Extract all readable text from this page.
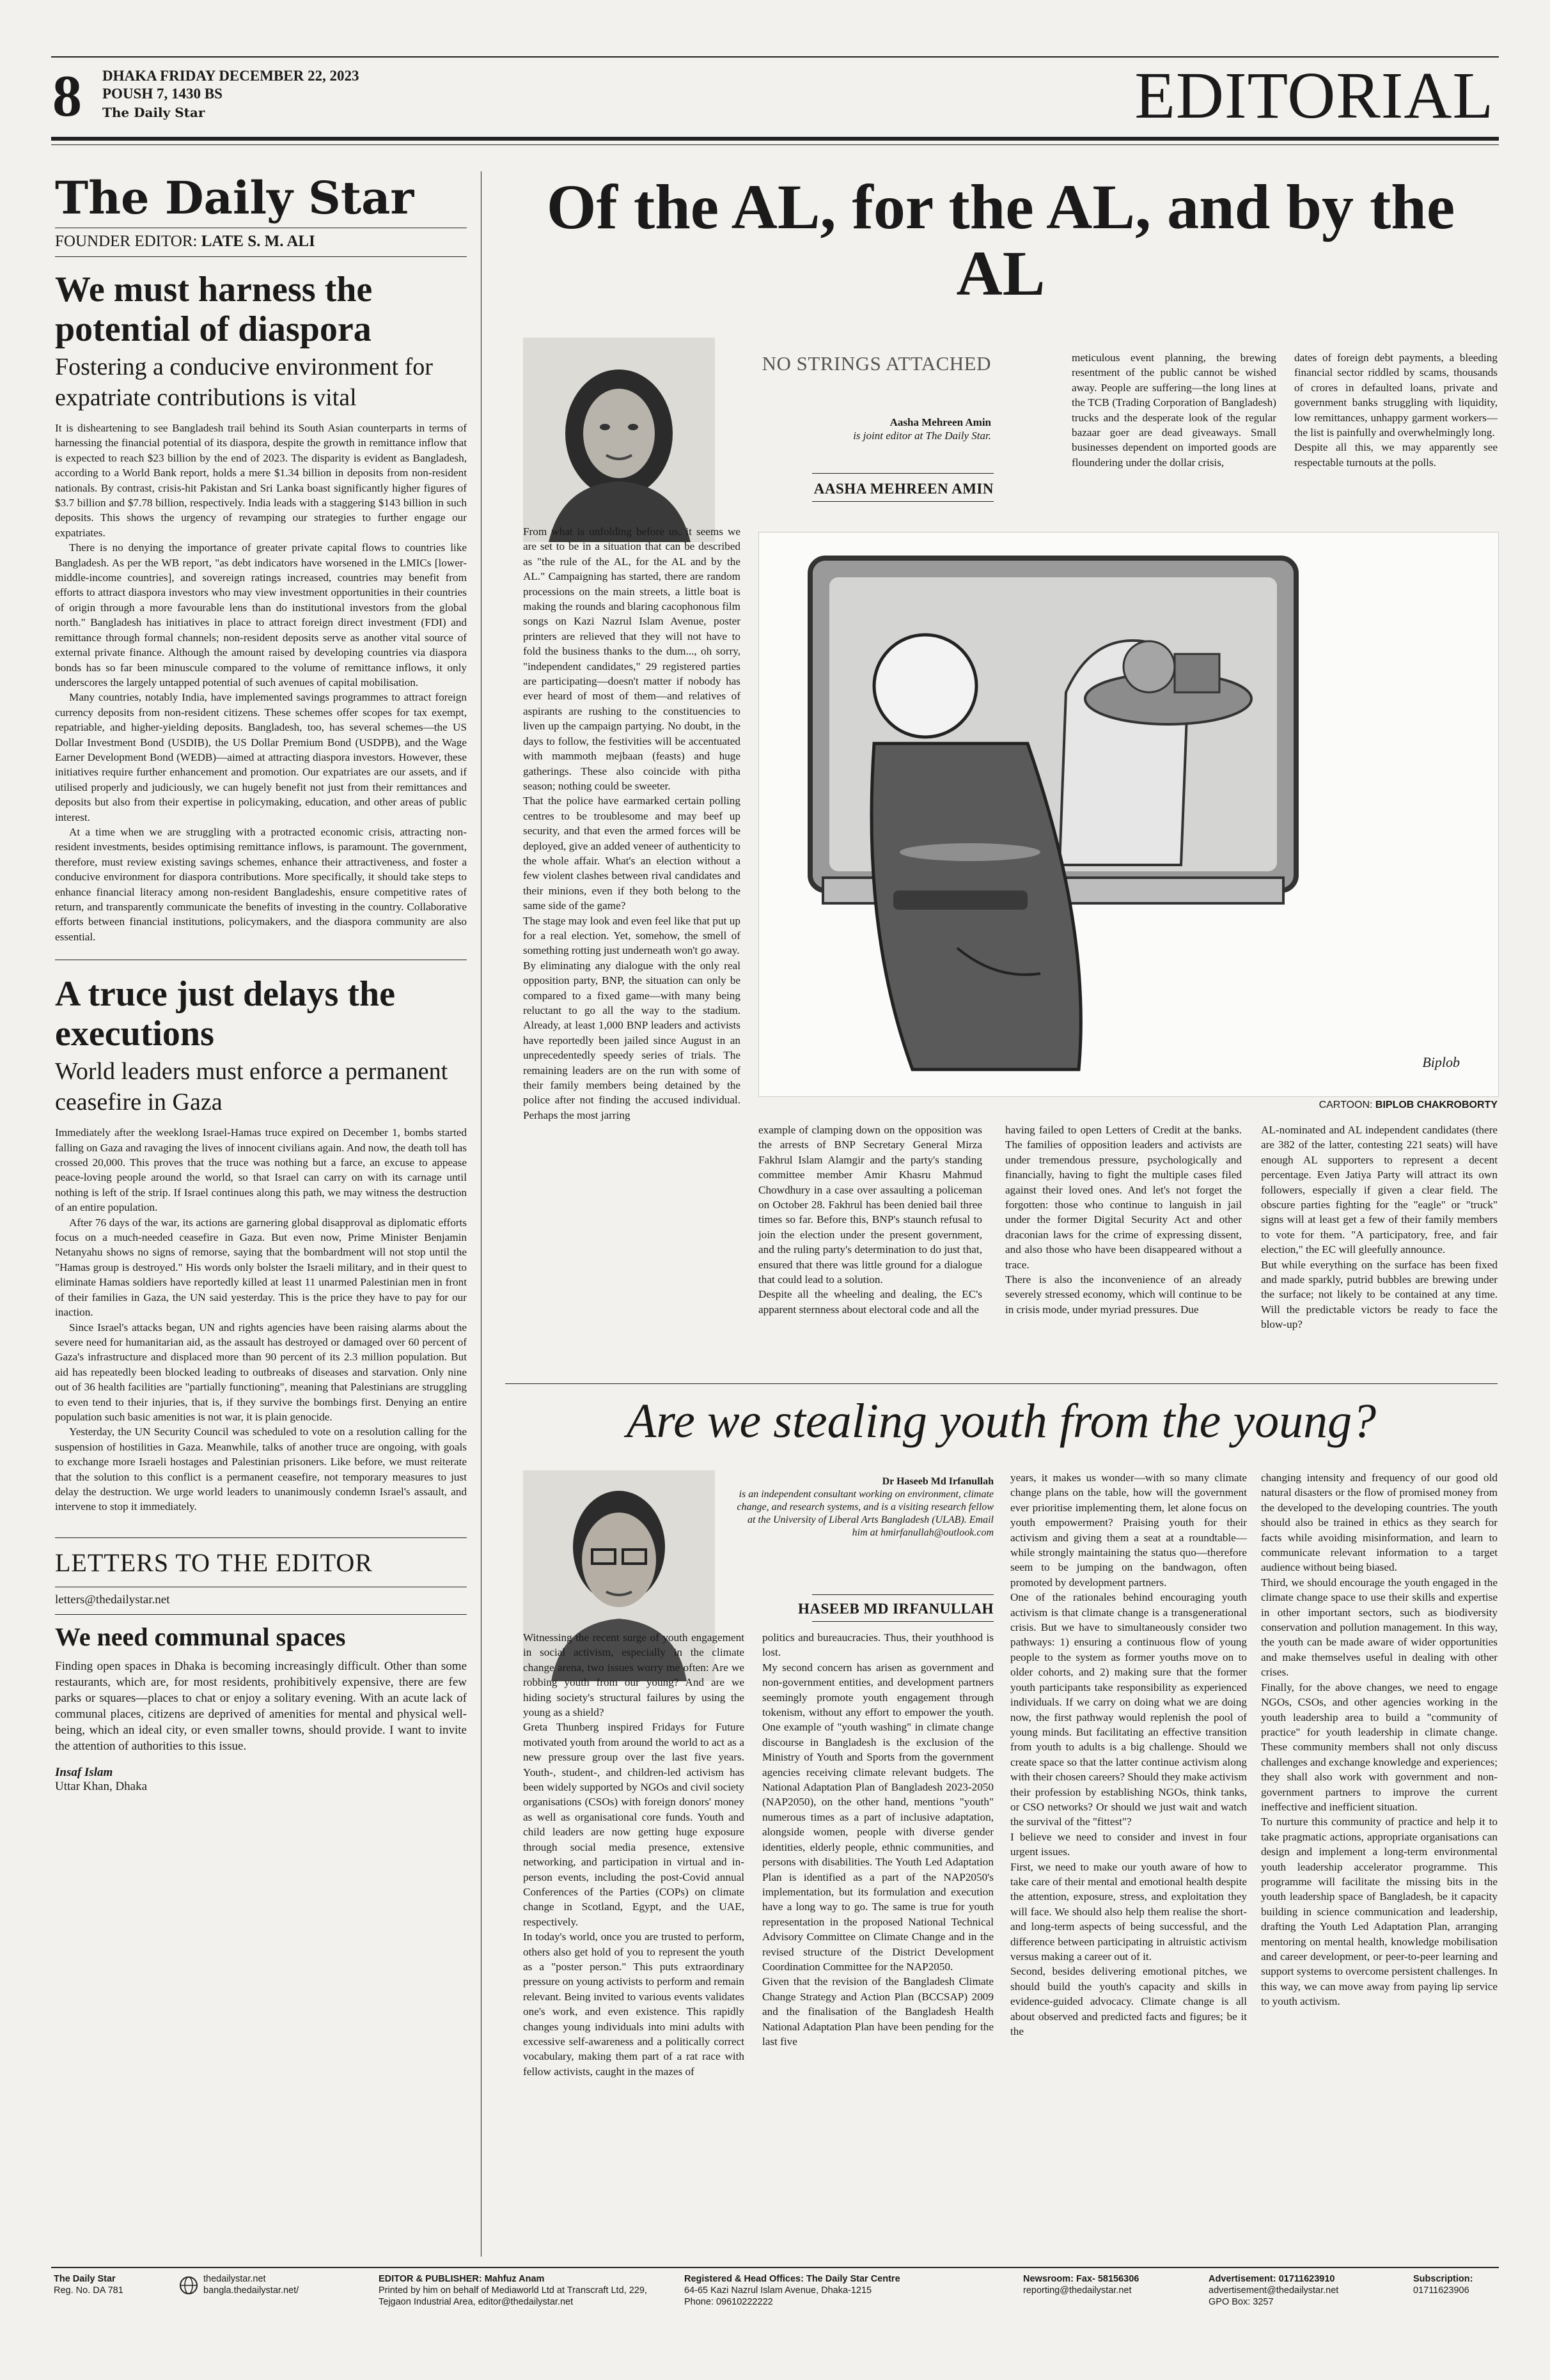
8 DHAKA FRIDAY DECEMBER 22, 2023
POUSH 7, 1430 BS
The Daily Star	EDITORIAL
The Daily Star
FOUNDER EDITOR: LATE S. M. ALI
We must harness the potential of diaspora

Fostering a conducive environment for expatriate contributions is vital

It is disheartening to see Bangladesh trail behind its South Asian counterparts in terms of harnessing the financial potential of its diaspora, despite the growth in remittance inflow that is expected to reach $23 billion by the end of 2023. The disparity is evident as Bangladesh, according to a World Bank report, holds a mere $1.34 billion in deposits from non-resident nationals. By contrast, crisis-hit Pakistan and Sri Lanka boast significantly higher figures of $3.7 billion and $7.78 billion, respectively. India leads with a staggering $143 billion in such deposits. This shows the urgency of revamping our strategies to further engage our expatriates.

There is no denying the importance of greater private capital flows to countries like Bangladesh. As per the WB report, "as debt indicators have worsened in the LMICs [lower-middle-income countries], and sovereign ratings increased, countries may benefit from efforts to attract diaspora investors who may view investment opportunities in their countries of origin through a more favourable lens than do institutional investors from the global north." Bangladesh has initiatives in place to attract foreign direct investment (FDI) and remittance through formal channels; non-resident deposits serve as another vital source of external private finance. Although the amount raised by developing countries via diaspora bonds has so far been minuscule compared to the volume of remittance inflows, it only underscores the largely untapped potential of such avenues of capital mobilisation.

Many countries, notably India, have implemented savings programmes to attract foreign currency deposits from non-resident citizens. These schemes offer scopes for tax exempt, repatriable, and higher-yielding deposits. Bangladesh, too, has several schemes—the US Dollar Investment Bond (USDIB), the US Dollar Premium Bond (USDPB), and the Wage Earner Development Bond (WEDB)—aimed at attracting diaspora investors. However, these initiatives require further enhancement and promotion. Our expatriates are our assets, and if utilised properly and judiciously, we can hugely benefit not just from their remittances and deposits but also from their expertise in policymaking, education, and other areas of public interest.

At a time when we are struggling with a protracted economic crisis, attracting non-resident investments, besides optimising remittance inflows, is paramount. The government, therefore, must review existing savings schemes, enhance their attractiveness, and foster a conducive environment for diaspora contributions. More specifically, it should take steps to enhance financial literacy among non-resident Bangladeshis, ensure competitive rates of return, and transparently communicate the benefits of investing in the country. Collaborative efforts between financial institutions, policymakers, and the diaspora community are also essential.

A truce just delays the executions

World leaders must enforce a permanent ceasefire in Gaza

Immediately after the weeklong Israel-Hamas truce expired on December 1, bombs started falling on Gaza and ravaging the lives of innocent civilians again. And now, the death toll has crossed 20,000. This proves that the truce was nothing but a farce, an excuse to appease peace-loving people around the world, so that Israel can carry on with its carnage until nothing is left of the strip. If Israel continues along this path, we may witness the destruction of an entire population.

After 76 days of the war, its actions are garnering global disapproval as diplomatic efforts focus on a much-needed ceasefire in Gaza. But even now, Prime Minister Benjamin Netanyahu shows no signs of remorse, saying that the bombardment will not stop until the "Hamas group is destroyed." His words only bolster the Israeli military, and in their quest to eliminate Hamas soldiers have reportedly killed at least 11 unarmed Palestinian men in front of their families in Gaza, the UN said yesterday. This is the price they have to pay for our inaction.

Since Israel's attacks began, UN and rights agencies have been raising alarms about the severe need for humanitarian aid, as the assault has destroyed or damaged over 60 percent of Gaza's infrastructure and displaced more than 90 percent of its 2.3 million population. But aid has repeatedly been blocked leading to outbreaks of diseases and starvation. Only nine out of 36 health facilities are "partially functioning", meaning that Palestinians are struggling to even tend to their injuries, that is, if they survive the bombings first. Denying an entire population such basic amenities is not war, it is plain genocide.

Yesterday, the UN Security Council was scheduled to vote on a resolution calling for the suspension of hostilities in Gaza. Meanwhile, talks of another truce are ongoing, with goals to exchange more Israeli hostages and Palestinian prisoners. Like before, we must reiterate that the solution to this conflict is a permanent ceasefire, not temporary measures to just delay the destruction. We urge world leaders to unanimously condemn Israel's assault, and intervene to stop it immediately.

LETTERS TO THE EDITOR
letters@thedailystar.net
We need communal spaces

Finding open spaces in Dhaka is becoming increasingly difficult. Other than some restaurants, which are, for most residents, prohibitively expensive, there are few parks or squares—places to chat or enjoy a solitary evening. With an acute lack of communal places, citizens are deprived of amenities for mental and physical well-being, which an ideal city, or even smaller towns, should provide. I want to invite the attention of authorities to this issue.

Insaf Islam
Uttar Khan, Dhaka
Of the AL, for the AL, and by the AL
NO STRINGS ATTACHED
Aasha Mehreen Amin
is joint editor at The Daily Star.
AASHA MEHREEN AMIN

meticulous event planning, the brewing resentment of the public cannot be wished away. People are suffering—the long lines at the TCB (Trading Corporation of Bangladesh) trucks and the desperate look of the regular bazaar goer are dead giveaways. Small businesses dependent on imported goods are floundering under the dollar crisis,

dates of foreign debt payments, a bleeding financial sector riddled by scams, thousands of crores in defaulted loans, private and government banks struggling with liquidity, low remittances, unhappy garment workers—the list is painfully and overwhelmingly long.
Despite all this, we may apparently see respectable turnouts at the polls.

From what is unfolding before us, it seems we are set to be in a situation that can be described as "the rule of the AL, for the AL and by the AL." Campaigning has started, there are random processions on the main streets, a little boat is making the rounds and blaring cacophonous film songs on Kazi Nazrul Islam Avenue, poster printers are relieved that they will not have to fold the business thanks to the dum..., oh sorry, "independent candidates," 29 registered parties are participating—doesn't matter if nobody has ever heard of most of them—and relatives of aspirants are rushing to the constituencies to liven up the campaign partying. No doubt, in the days to follow, the festivities will be accentuated with mammoth mejbaan (feasts) and huge gatherings. These also coincide with pitha season; nothing could be sweeter.
That the police have earmarked certain polling centres to be troublesome and may beef up security, and that even the armed forces will be deployed, give an added veneer of authenticity to the whole affair. What's an election without a few violent clashes between rival candidates and their minions, even if they both belong to the same side of the game?
The stage may look and even feel like that put up for a real election. Yet, somehow, the smell of something rotting just underneath won't go away.
By eliminating any dialogue with the only real opposition party, BNP, the situation can only be compared to a fixed game—with many being reluctant to go all the way to the stadium. Already, at least 1,000 BNP leaders and activists have reportedly been jailed since August in an unprecedentedly speedy series of trials. The remaining leaders are on the run with some of their family members being detained by the police after not finding the accused individual. Perhaps the most jarring

Biplob
CARTOON: BIPLOB CHAKROBORTY

example of clamping down on the opposition was the arrests of BNP Secretary General Mirza Fakhrul Islam Alamgir and the party's standing committee member Amir Khasru Mahmud Chowdhury in a case over assaulting a policeman on October 28. Fakhrul has been denied bail three times so far. Before this, BNP's staunch refusal to join the election under the present government, and the ruling party's determination to do just that, ensured that there was little ground for a dialogue that could lead to a solution.
Despite all the wheeling and dealing, the EC's apparent sternness about electoral code and all the

having failed to open Letters of Credit at the banks. The families of opposition leaders and activists are under tremendous pressure, psychologically and financially, having to fight the multiple cases filed against their loved ones. And let's not forget the forgotten: those who continue to languish in jail under the former Digital Security Act and other draconian laws for the crime of expressing dissent, and also those who have been disappeared without a trace.
There is also the inconvenience of an already severely stressed economy, which will continue to be in crisis mode, under myriad pressures. Due

AL-nominated and AL independent candidates (there are 382 of the latter, contesting 221 seats) will have enough AL supporters to represent a decent percentage. Even Jatiya Party will attract its own followers, especially if given a clear field. The obscure parties fighting for the "eagle" or "truck" signs will at least get a few of their family members to vote for them. "A participatory, free, and fair election," the EC will gleefully announce.
But while everything on the surface has been fixed and made sparkly, putrid bubbles are brewing under the surface; not likely to be contained at any time. Will the predictable victors be ready to face the blow-up?

Are we stealing youth from the young?
Dr Haseeb Md Irfanullah
is an independent consultant working on environment, climate change, and research systems, and is a visiting research fellow at the University of Liberal Arts Bangladesh (ULAB). Email him at hmirfanullah@outlook.com
HASEEB MD IRFANULLAH

Witnessing the recent surge of youth engagement in social activism, especially in the climate change arena, two issues worry me often: Are we robbing youth from our young? And are we hiding society's structural failures by using the young as a shield?
Greta Thunberg inspired Fridays for Future motivated youth from around the world to act as a new pressure group over the last five years. Youth-, student-, and children-led activism has been widely supported by NGOs and civil society organisations (CSOs) with foreign donors' money as well as organisational core funds. Youth and child leaders are now getting huge exposure through social media presence, extensive networking, and participation in virtual and in-person events, including the post-Covid annual Conferences of the Parties (COPs) on climate change in Scotland, Egypt, and the UAE, respectively.
In today's world, once you are trusted to perform, others also get hold of you to represent the youth as a "poster person." This puts extraordinary pressure on young activists to perform and remain relevant. Being invited to various events validates one's work, and even existence. This rapidly changes young individuals into mini adults with excessive self-awareness and a politically correct vocabulary, making them part of a rat race with fellow activists, caught in the mazes of

politics and bureaucracies. Thus, their youthhood is lost.
My second concern has arisen as government and non-government entities, and development partners seemingly promote youth engagement through tokenism, without any effort to empower the youth. One example of "youth washing" in climate change discourse in Bangladesh is the exclusion of the Ministry of Youth and Sports from the government agencies receiving climate relevant budgets. The National Adaptation Plan of Bangladesh 2023-2050 (NAP2050), on the other hand, mentions "youth" numerous times as a part of inclusive adaptation, alongside women, people with diverse gender identities, elderly people, ethnic communities, and persons with disabilities. The Youth Led Adaptation Plan is identified as a part of the NAP2050's implementation, but its formulation and execution have a long way to go. The same is true for youth representation in the proposed National Technical Advisory Committee on Climate Change and in the revised structure of the District Development Coordination Committee for the NAP2050.
Given that the revision of the Bangladesh Climate Change Strategy and Action Plan (BCCSAP) 2009 and the finalisation of the Bangladesh Health National Adaptation Plan have been pending for the last five

years, it makes us wonder—with so many climate change plans on the table, how will the government ever prioritise implementing them, let alone focus on youth empowerment? Praising youth for their activism and giving them a seat at a roundtable—while strongly maintaining the status quo—therefore seem to be jumping on the bandwagon, often promoted by development partners.
One of the rationales behind encouraging youth activism is that climate change is a transgenerational crisis. But we have to simultaneously consider two pathways: 1) ensuring a continuous flow of young people to the system as former youths move on to older cohorts, and 2) making sure that the former youth participants take responsibility as experienced individuals. If we carry on doing what we are doing now, the first pathway would replenish the pool of young minds. But facilitating an effective transition from youth to adults is a big challenge. Should we create space so that the latter continue activism along with their chosen careers? Should they make activism their profession by establishing NGOs, think tanks, or CSO networks? Or should we just wait and watch the survival of the "fittest"?
I believe we need to consider and invest in four urgent issues.
First, we need to make our youth aware of how to take care of their mental and emotional health despite the attention, exposure, stress, and exploitation they will face. We should also help them realise the short- and long-term aspects of being successful, and the difference between participating in altruistic activism versus making a career out of it.
Second, besides delivering emotional pitches, we should build the youth's capacity and skills in evidence-guided advocacy. Climate change is all about observed and predicted facts and figures; be it the

changing intensity and frequency of our good old natural disasters or the flow of promised money from the developed to the developing countries. The youth should also be trained in ethics as they search for facts while avoiding misinformation, and learn to communicate relevant information to a target audience without being biased.
Third, we should encourage the youth engaged in the climate change space to use their skills and expertise in other important sectors, such as biodiversity conservation and pollution management. In this way, the youth can be made aware of wider opportunities and make themselves useful in dealing with other crises.
Finally, for the above changes, we need to engage NGOs, CSOs, and other agencies working in the youth leadership area to build a "community of practice" for youth leadership in climate change. These community members shall not only discuss challenges and exchange knowledge and experiences; they shall also work with government and non-government partners to improve the current ineffective and inefficient situation.
To nurture this community of practice and help it to take pragmatic actions, appropriate organisations can design and implement a long-term environmental youth leadership accelerator programme. This programme will facilitate the missing bits in the youth leadership space of Bangladesh, be it capacity building in science communication and leadership, drafting the Youth Led Adaptation Plan, arranging mentoring on mental health, knowledge mobilisation and career development, or peer-to-peer learning and support systems to overcome persistent challenges. In this way, we can move away from paying lip service to youth activism.

The Daily Star
Reg. No. DA 781
thedailystar.net
bangla.thedailystar.net/
EDITOR & PUBLISHER: Mahfuz Anam
Printed by him on behalf of Mediaworld Ltd at Transcraft Ltd, 229,
Tejgaon Industrial Area, editor@thedailystar.net
Registered & Head Offices: The Daily Star Centre
64-65 Kazi Nazrul Islam Avenue, Dhaka-1215
Phone: 09610222222
Newsroom: Fax- 58156306
reporting@thedailystar.net
Advertisement: 01711623910
advertisement@thedailystar.net
GPO Box: 3257
Subscription:
01711623906
